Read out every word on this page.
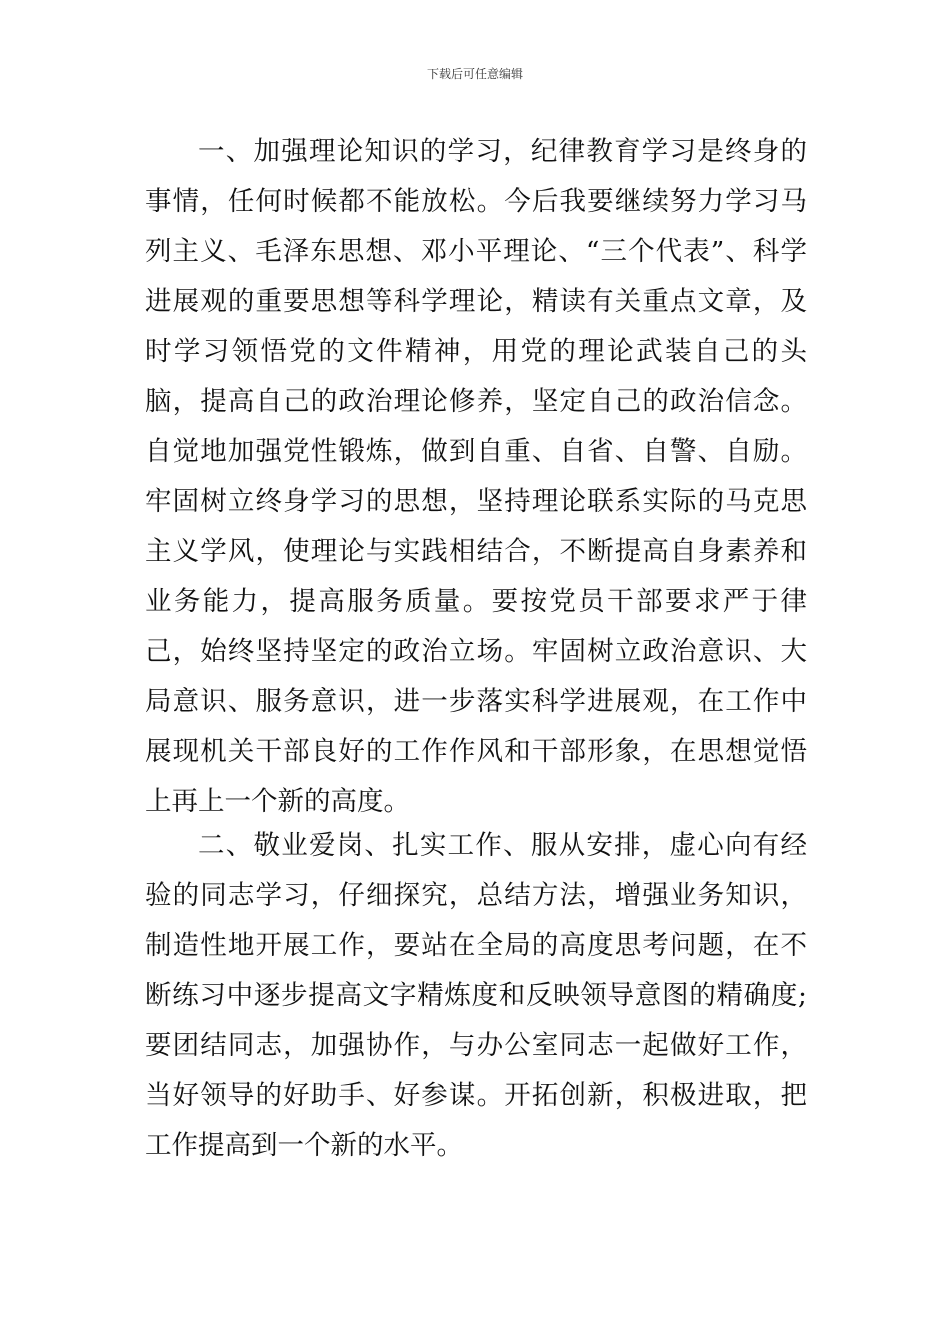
下载后可任意编辑

一、加强理论知识的学习，纪律教育学习是终身的事情，任何时候都不能放松。今后我要继续努力学习马列主义、毛泽东思想、邓小平理论、“三个代表”、科学进展观的重要思想等科学理论，精读有关重点文章，及时学习领悟党的文件精神，用党的理论武装自己的头脑，提高自己的政治理论修养，坚定自己的政治信念。自觉地加强党性锻炼，做到自重、自省、自警、自励。牢固树立终身学习的思想，坚持理论联系实际的马克思主义学风，使理论与实践相结合，不断提高自身素养和业务能力，提高服务质量。要按党员干部要求严于律己，始终坚持坚定的政治立场。牢固树立政治意识、大局意识、服务意识，进一步落实科学进展观，在工作中展现机关干部良好的工作作风和干部形象，在思想觉悟上再上一个新的高度。

二、敬业爱岗、扎实工作、服从安排，虚心向有经验的同志学习，仔细探究，总结方法，增强业务知识，制造性地开展工作，要站在全局的高度思考问题，在不断练习中逐步提高文字精炼度和反映领导意图的精确度;要团结同志，加强协作，与办公室同志一起做好工作，当好领导的好助手、好参谋。开拓创新，积极进取，把工作提高到一个新的水平。
